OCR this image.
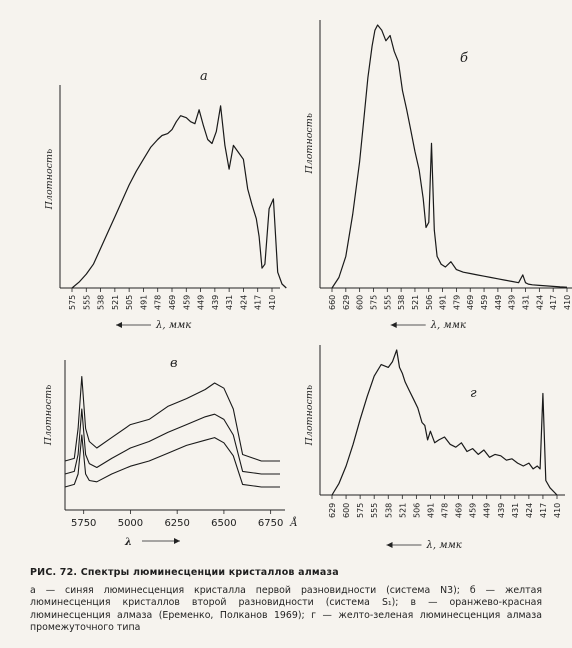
575 555 538 521 505 491 478 469 459 449 439 431 424 417 410
Плотность
а
λ, ммк
660 629 600 575 555 538 521 506 491 479 469 459 449 439 431 424 417 410
Плотность
б
λ, ммк
5750 5000 6250 6500 6750 Å
Плотность
в
λ
629 600 575 555 538 521 506 491 478 469 459 449 439 431 424 417 410
Плотность	г
λ, ммк
РИС. 72. Спектры люминесценции кристаллов алмаза
а — синяя люминесценция кристалла первой разновидности (система N3); б — желтая люминесценция кристаллов второй разновидности (система S₁); в — оранжево-красная люминесценция алмаза (Еременко, Полканов 1969); г — желто-зеленая люминесценция алмаза промежуточного типа
